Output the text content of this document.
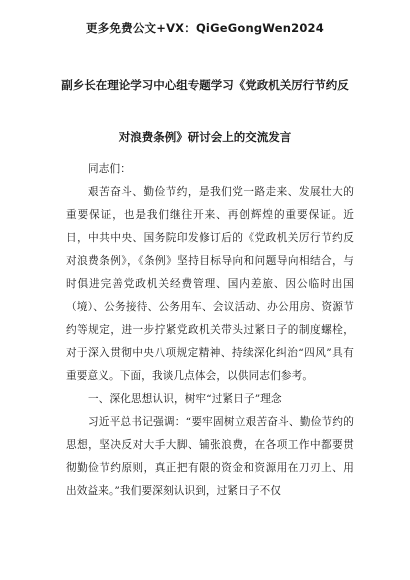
更多免费公文+VX：QiGeGongWen2024
副乡长在理论学习中心组专题学习《党政机关厉行节约反
对浪费条例》研讨会上的交流发言

同志们：

艰苦奋斗、勤俭节约，是我们党一路走来、发展壮大的重要保证，也是我们继往开来、再创辉煌的重要保证。近日，中共中央、国务院印发修订后的《党政机关厉行节约反对浪费条例》，《条例》坚持目标导向和问题导向相结合，与时俱进完善党政机关经费管理、国内差旅、因公临时出国（境）、公务接待、公务用车、会议活动、办公用房、资源节约等规定，进一步拧紧党政机关带头过紧日子的制度螺栓，对于深入贯彻中央八项规定精神、持续深化纠治“四风”具有重要意义。下面，我谈几点体会，以供同志们参考。

一、深化思想认识，树牢“过紧日子”理念

习近平总书记强调：“要牢固树立艰苦奋斗、勤俭节约的思想，坚决反对大手大脚、铺张浪费，在各项工作中都要贯彻勤俭节约原则，真正把有限的资金和资源用在刀刃上、用出效益来。”我们要深刻认识到，过紧日子不仅
